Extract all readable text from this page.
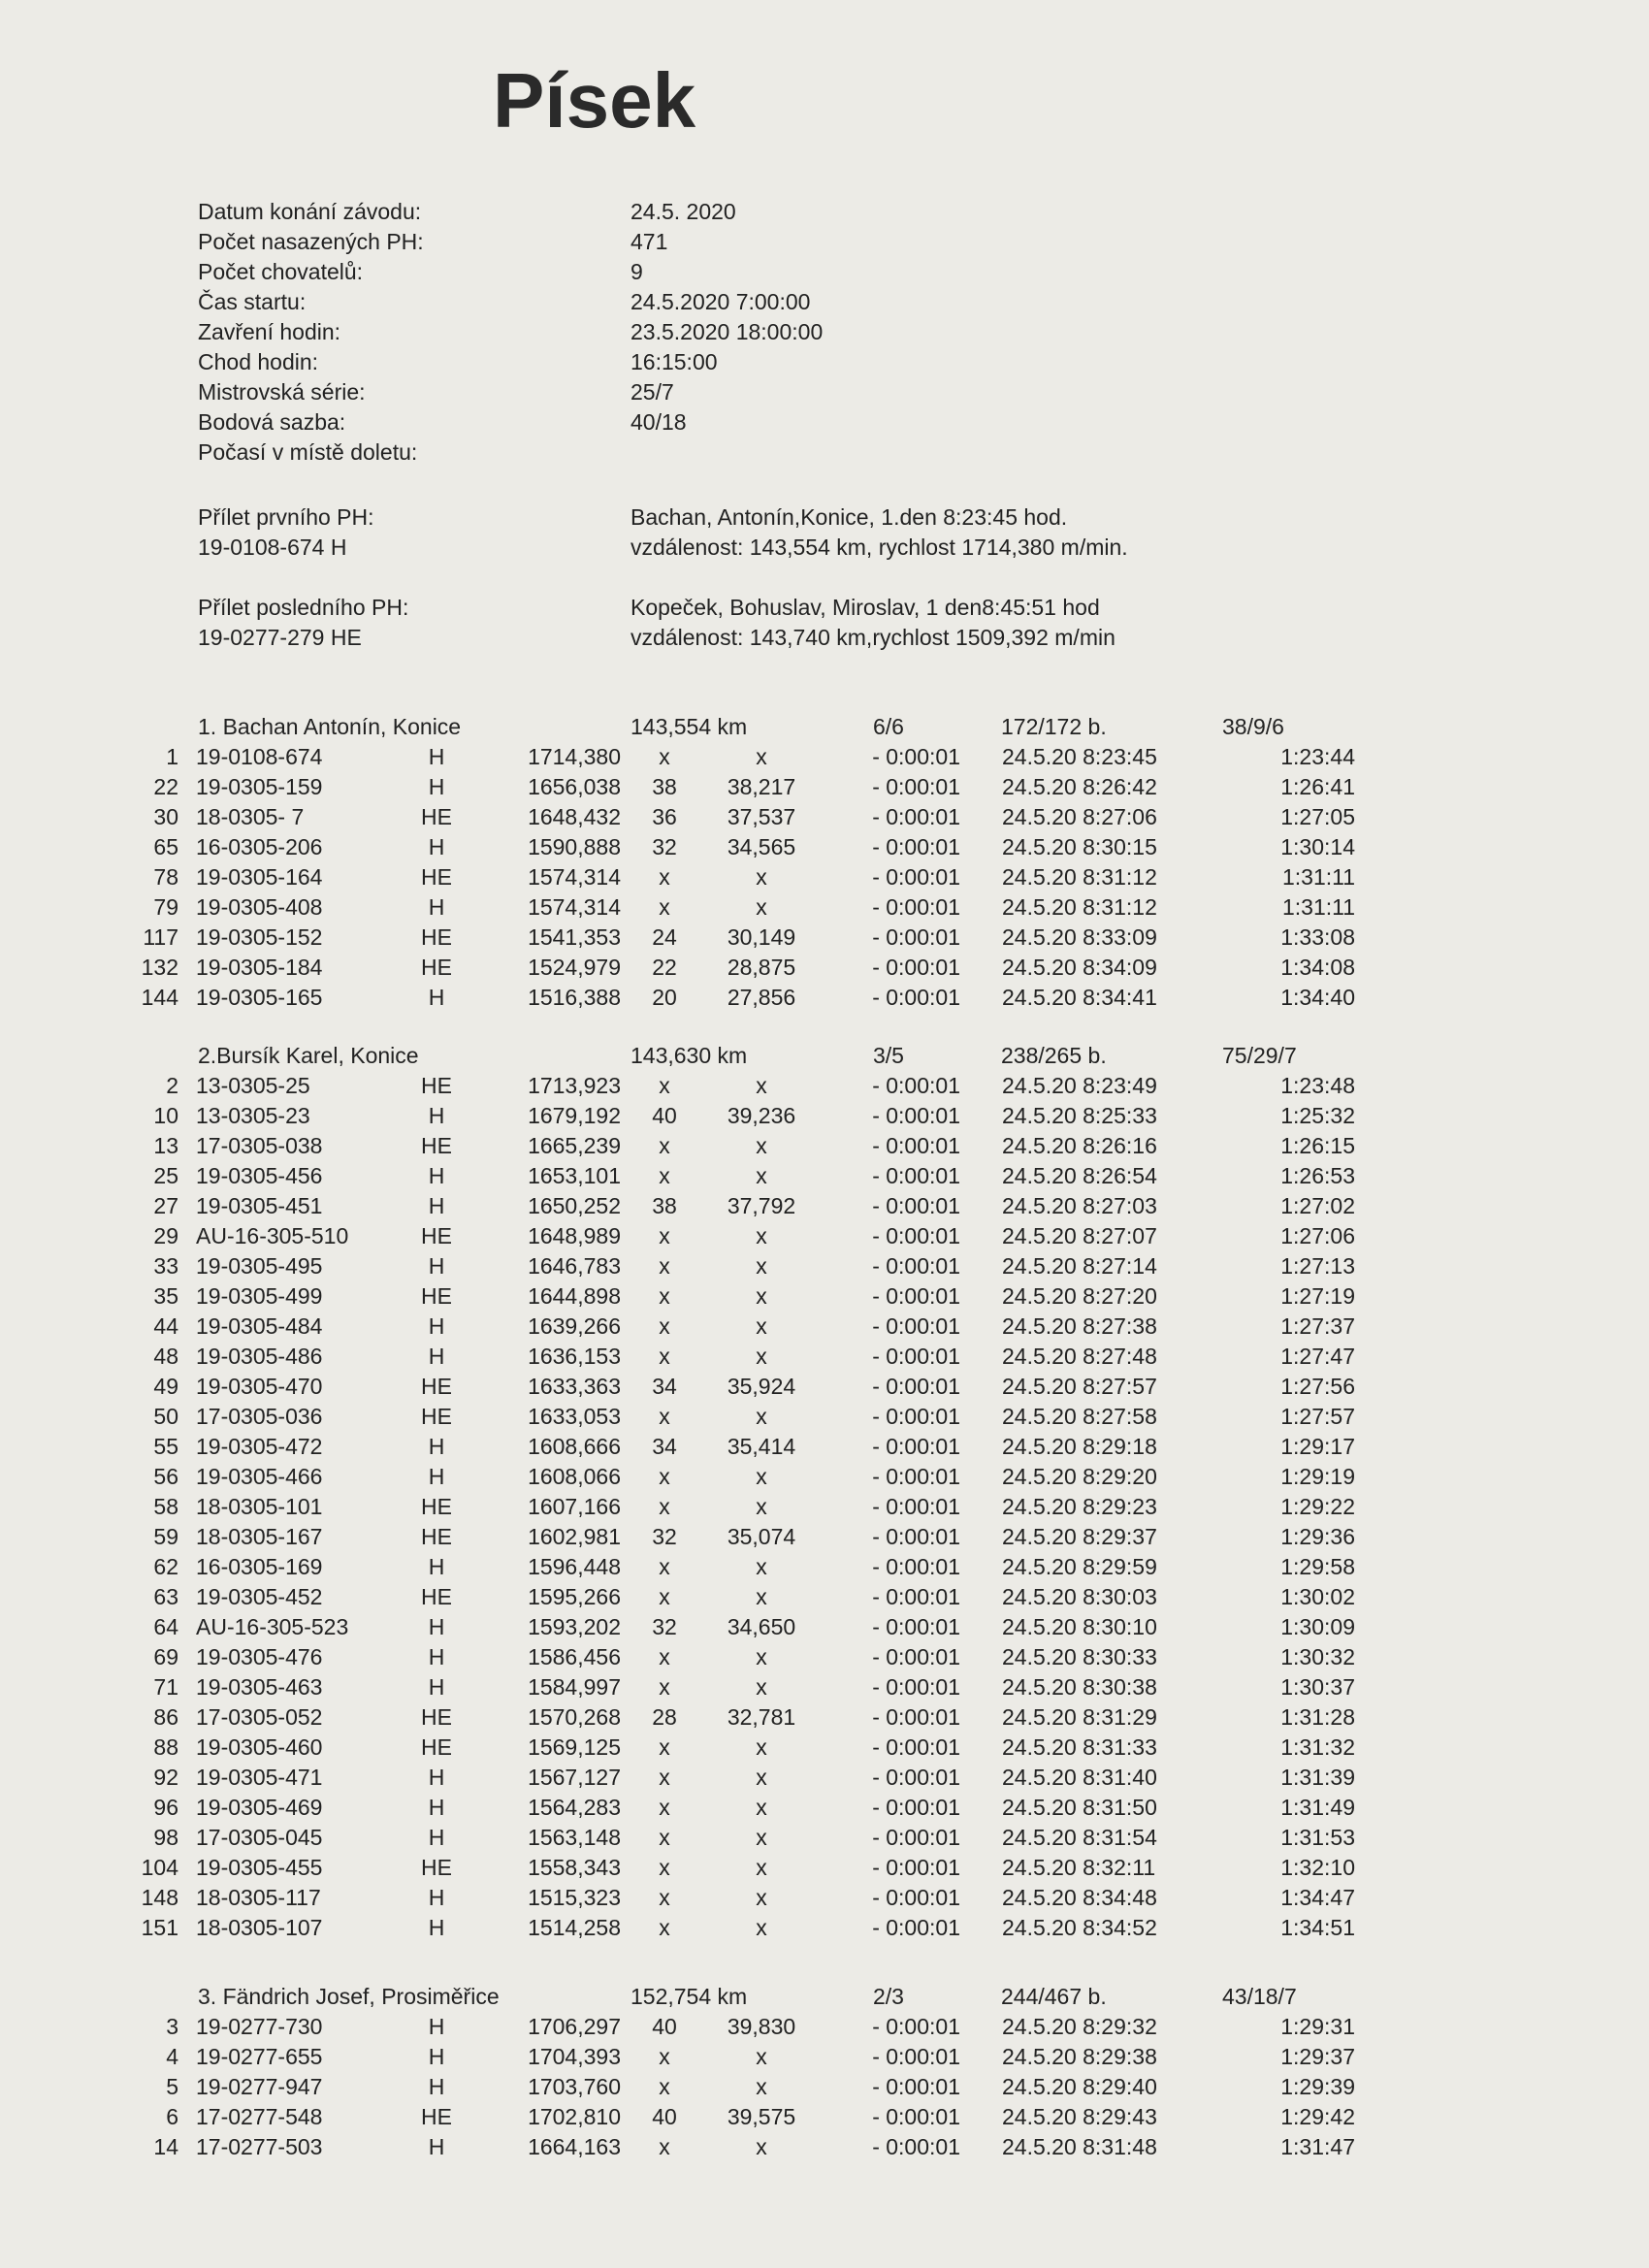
Písek
Datum konání závodu:	24.5. 2020
Počet nasazených PH:	471
Počet chovatelů:	9
Čas startu:	24.5.2020 7:00:00
Zavření hodin:	23.5.2020 18:00:00
Chod hodin:	16:15:00
Mistrovská série:	25/7
Bodová sazba:	40/18
Počasí v místě doletu:
Přílet prvního PH:	Bachan, Antonín,Konice, 1.den 8:23:45 hod.
19-0108-674 H	vzdálenost: 143,554 km, rychlost 1714,380 m/min.
Přílet posledního PH:	Kopeček, Bohuslav, Miroslav, 1 den8:45:51 hod
19-0277-279 HE	vzdálenost: 143,740 km,rychlost 1509,392 m/min
1. Bachan Antonín, Konice	143,554 km	6/6	172/172 b.	38/9/6
1 19-0108-674	H	1714,380	x	x	- 0:00:01 24.5.20 8:23:45	1:23:44
22 19-0305-159	H	1656,038	38	38,217	- 0:00:01 24.5.20 8:26:42	1:26:41
30 18-0305- 7	HE	1648,432	36	37,537	- 0:00:01 24.5.20 8:27:06	1:27:05
65 16-0305-206	H	1590,888	32	34,565	- 0:00:01 24.5.20 8:30:15	1:30:14
78 19-0305-164	HE	1574,314	x	x	- 0:00:01 24.5.20 8:31:12	1:31:11
79 19-0305-408	H	1574,314	x	x	- 0:00:01 24.5.20 8:31:12	1:31:11
117 19-0305-152	HE	1541,353	24	30,149	- 0:00:01 24.5.20 8:33:09	1:33:08
132 19-0305-184	HE	1524,979	22	28,875	- 0:00:01 24.5.20 8:34:09	1:34:08
144 19-0305-165	H	1516,388	20	27,856	- 0:00:01 24.5.20 8:34:41	1:34:40
2.Bursík Karel, Konice	143,630 km	3/5	238/265 b.	75/29/7
2 13-0305-25	HE	1713,923	x	x	- 0:00:01 24.5.20 8:23:49	1:23:48
10 13-0305-23	H	1679,192	40	39,236	- 0:00:01 24.5.20 8:25:33	1:25:32
13 17-0305-038	HE	1665,239	x	x	- 0:00:01 24.5.20 8:26:16	1:26:15
25 19-0305-456	H	1653,101	x	x	- 0:00:01 24.5.20 8:26:54	1:26:53
27 19-0305-451	H	1650,252	38	37,792	- 0:00:01 24.5.20 8:27:03	1:27:02
29 AU-16-305-510	HE	1648,989	x	x	- 0:00:01 24.5.20 8:27:07	1:27:06
33 19-0305-495	H	1646,783	x	x	- 0:00:01 24.5.20 8:27:14	1:27:13
35 19-0305-499	HE	1644,898	x	x	- 0:00:01 24.5.20 8:27:20	1:27:19
44 19-0305-484	H	1639,266	x	x	- 0:00:01 24.5.20 8:27:38	1:27:37
48 19-0305-486	H	1636,153	x	x	- 0:00:01 24.5.20 8:27:48	1:27:47
49 19-0305-470	HE	1633,363	34	35,924	- 0:00:01 24.5.20 8:27:57	1:27:56
50 17-0305-036	HE	1633,053	x	x	- 0:00:01 24.5.20 8:27:58	1:27:57
55 19-0305-472	H	1608,666	34	35,414	- 0:00:01 24.5.20 8:29:18	1:29:17
56 19-0305-466	H	1608,066	x	x	- 0:00:01 24.5.20 8:29:20	1:29:19
58 18-0305-101	HE	1607,166	x	x	- 0:00:01 24.5.20 8:29:23	1:29:22
59 18-0305-167	HE	1602,981	32	35,074	- 0:00:01 24.5.20 8:29:37	1:29:36
62 16-0305-169	H	1596,448	x	x	- 0:00:01 24.5.20 8:29:59	1:29:58
63 19-0305-452	HE	1595,266	x	x	- 0:00:01 24.5.20 8:30:03	1:30:02
64 AU-16-305-523	H	1593,202	32	34,650	- 0:00:01 24.5.20 8:30:10	1:30:09
69 19-0305-476	H	1586,456	x	x	- 0:00:01 24.5.20 8:30:33	1:30:32
71 19-0305-463	H	1584,997	x	x	- 0:00:01 24.5.20 8:30:38	1:30:37
86 17-0305-052	HE	1570,268	28	32,781	- 0:00:01 24.5.20 8:31:29	1:31:28
88 19-0305-460	HE	1569,125	x	x	- 0:00:01 24.5.20 8:31:33	1:31:32
92 19-0305-471	H	1567,127	x	x	- 0:00:01 24.5.20 8:31:40	1:31:39
96 19-0305-469	H	1564,283	x	x	- 0:00:01 24.5.20 8:31:50	1:31:49
98 17-0305-045	H	1563,148	x	x	- 0:00:01 24.5.20 8:31:54	1:31:53
104 19-0305-455	HE	1558,343	x	x	- 0:00:01 24.5.20 8:32:11	1:32:10
148 18-0305-117	H	1515,323	x	x	- 0:00:01 24.5.20 8:34:48	1:34:47
151 18-0305-107	H	1514,258	x	x	- 0:00:01 24.5.20 8:34:52	1:34:51
3. Fändrich Josef, Prosiměřice	152,754 km	2/3	244/467 b.	43/18/7
3 19-0277-730	H	1706,297	40	39,830	- 0:00:01 24.5.20 8:29:32	1:29:31
4 19-0277-655	H	1704,393	x	x	- 0:00:01 24.5.20 8:29:38	1:29:37
5 19-0277-947	H	1703,760	x	x	- 0:00:01 24.5.20 8:29:40	1:29:39
6 17-0277-548	HE	1702,810	40	39,575	- 0:00:01 24.5.20 8:29:43	1:29:42
14 17-0277-503	H	1664,163	x	x	- 0:00:01 24.5.20 8:31:48	1:31:47
